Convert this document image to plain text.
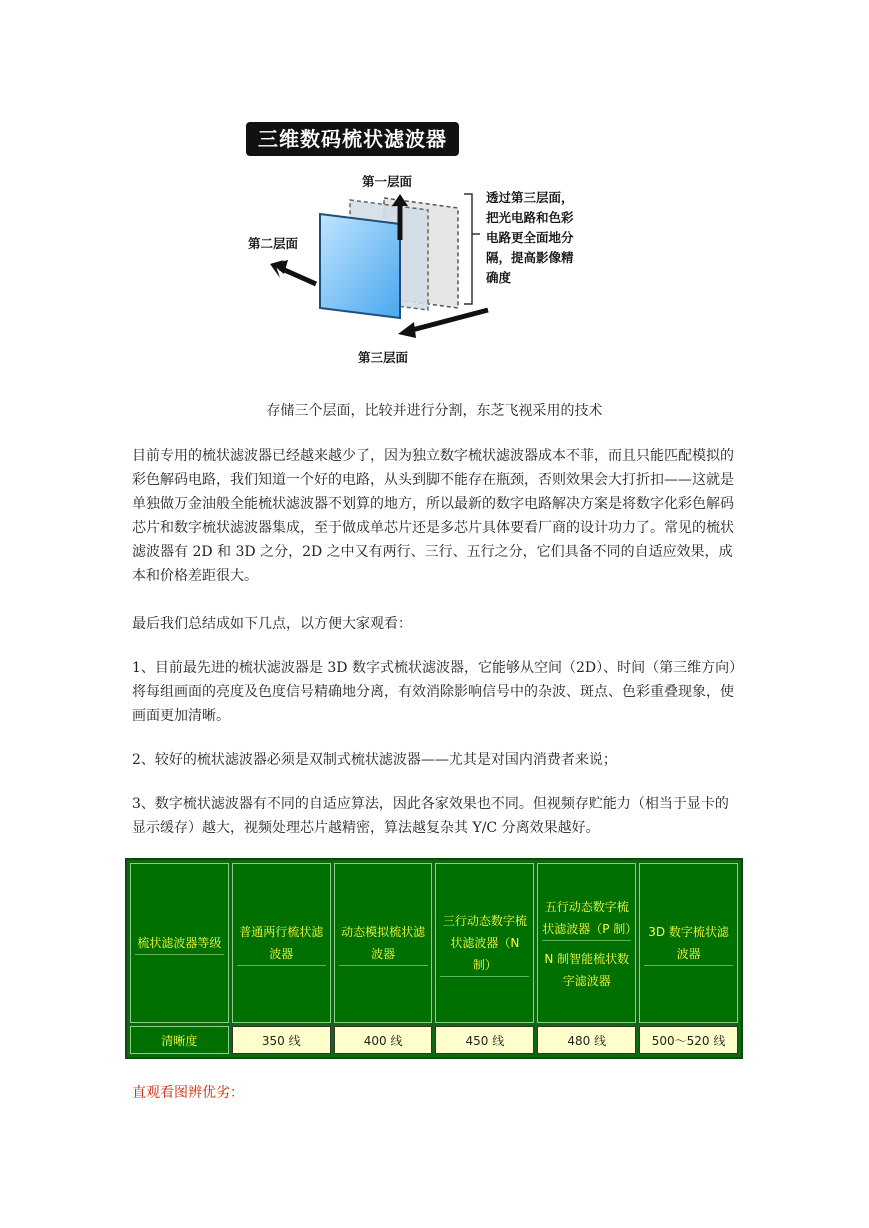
三维数码梳状滤波器
第一层面
第二层面
第三层面
透过第三层面，
把光电路和色彩
电路更全面地分
隔，提高影像精
确度
存储三个层面，比较并进行分割，东芝飞视采用的技术

目前专用的梳状滤波器已经越来越少了，因为独立数字梳状滤波器成本不菲，而且只能匹配模拟的彩色解码电路，我们知道一个好的电路，从头到脚不能存在瓶颈，否则效果会大打折扣——这就是单独做万金油般全能梳状滤波器不划算的地方，所以最新的数字电路解决方案是将数字化彩色解码芯片和数字梳状滤波器集成，至于做成单芯片还是多芯片具体要看厂商的设计功力了。常见的梳状滤波器有 2D 和 3D 之分，2D 之中又有两行、三行、五行之分，它们具备不同的自适应效果，成本和价格差距很大。

最后我们总结成如下几点，以方便大家观看：

1、目前最先进的梳状滤波器是 3D 数字式梳状滤波器，它能够从空间（2D）、时间（第三维方向）将每组画面的亮度及色度信号精确地分离，有效消除影响信号中的杂波、斑点、色彩重叠现象，使画面更加清晰。

2、较好的梳状滤波器必须是双制式梳状滤波器——尤其是对国内消费者来说；

3、数字梳状滤波器有不同的自适应算法，因此各家效果也不同。但视频存贮能力（相当于显卡的显示缓存）越大，视频处理芯片越精密，算法越复杂其 Y/C 分离效果越好。

梳状滤波器等级	普通两行梳状滤波器	动态模拟梳状滤波器	三行动态数字梳状滤波器（N 制）	五行动态数字梳状滤波器（P 制） N 制智能梳状数字滤波器	3D 数字梳状滤波器
清晰度	350 线	400 线	450 线	480 线	500～520 线
直观看图辨优劣：
